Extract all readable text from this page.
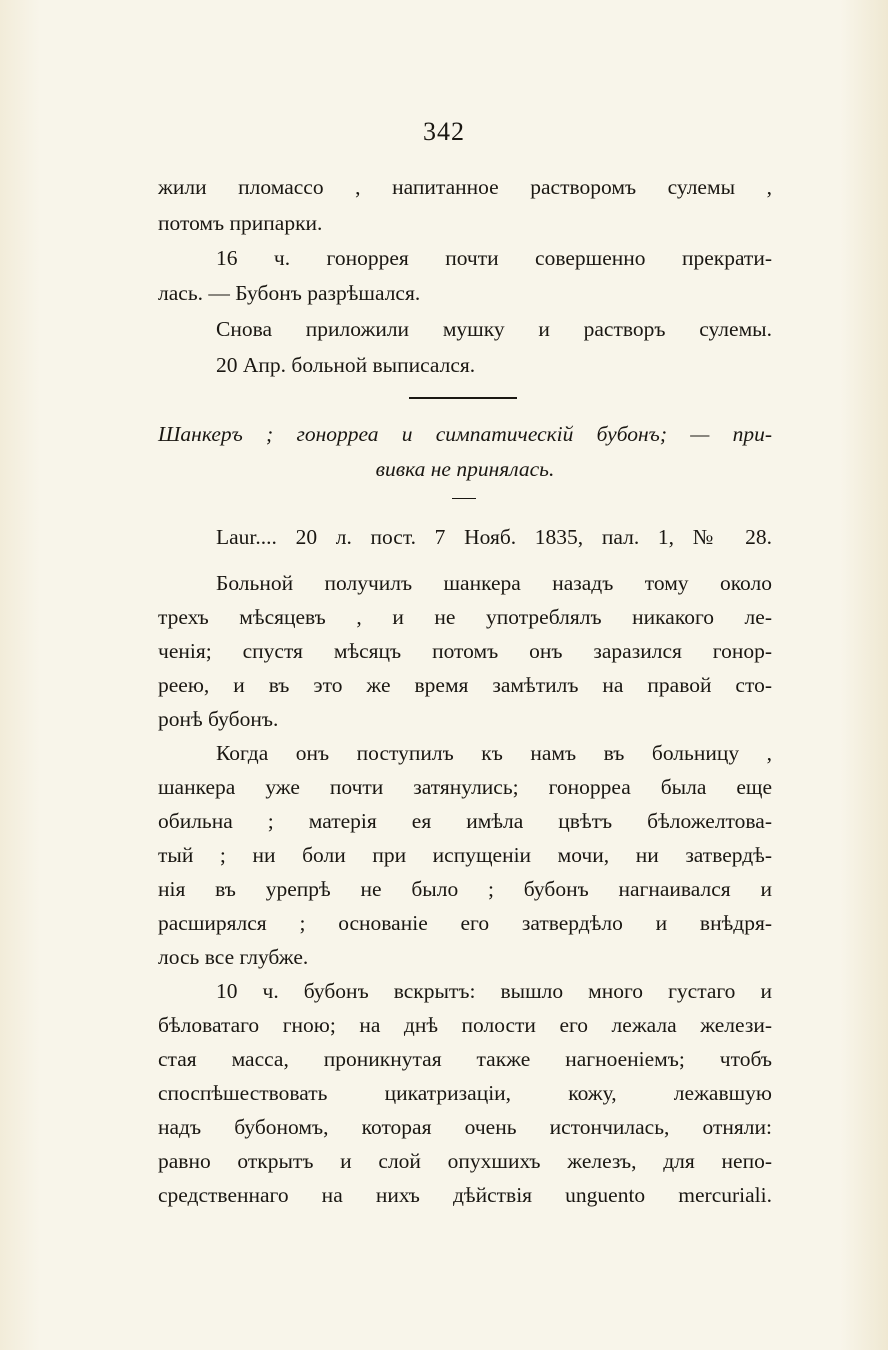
342
жили пломассо , напитанное растворомъ сулемы ,
потомъ припарки.
16 ч. гоноррея почти совершенно прекрати-
лась. — Бубонъ разрѣшался.
Снова приложили мушку и растворъ сулемы.
20 Апр. больной выписался.
Шанкеръ ; гонорреа и симпатическій бубонъ; — при-
вивка не принялась.
Laur.... 20 л. пост. 7 Нояб. 1835, пал. 1, № 28.
Больной получилъ шанкера назадъ тому около
трехъ мѣсяцевъ , и не употреблялъ никакого ле-
ченія; спустя мѣсяцъ потомъ онъ заразился гонор-
реею, и въ это же время замѣтилъ на правой сто-
ронѣ бубонъ.
Когда онъ поступилъ къ намъ въ больницу ,
шанкера уже почти затянулись; гонорреа была еще
обильна ; матерія ея имѣла цвѣтъ бѣложелтова-
тый ; ни боли при испущеніи мочи, ни затвердѣ-
нія въ урепрѣ не было ; бубонъ нагнаивался и
расширялся ; основаніе его затвердѣло и внѣдря-
лось все глубже.
10 ч. бубонъ вскрытъ: вышло много густаго и
бѣловатаго гною; на днѣ полости его лежала желези-
стая масса, проникнутая также нагноеніемъ; чтобъ
споспѣшествовать цикатризаціи, кожу, лежавшую
надъ бубономъ, которая очень истончилась, отняли:
равно открытъ и слой опухшихъ железъ, для непо-
средственнаго на нихъ дѣйствія unguento mercuriali.
